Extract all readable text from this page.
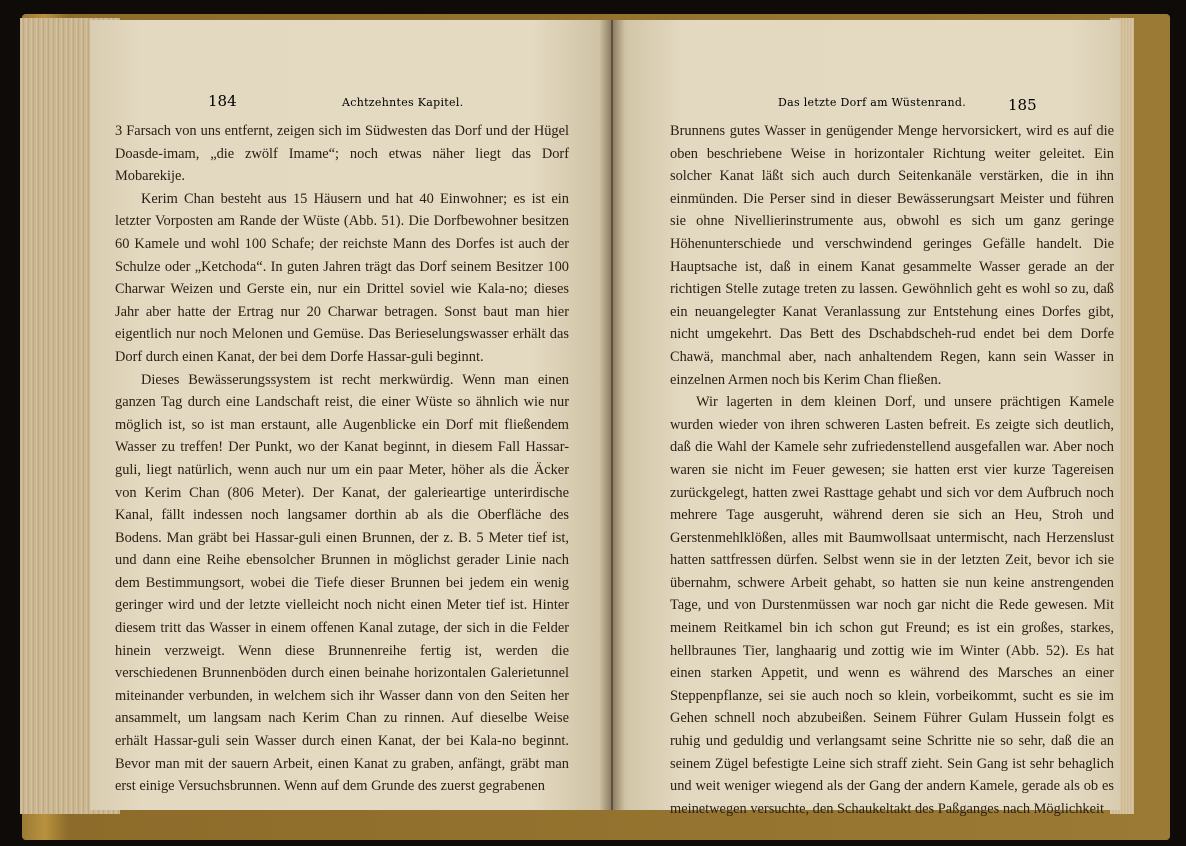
184	Achtzehntes Kapitel.

3 Farsach von uns entfernt, zeigen sich im Südwesten das Dorf und der Hügel Doasde-imam, „die zwölf Imame“; noch etwas näher liegt das Dorf Mobarekije.

Kerim Chan besteht aus 15 Häusern und hat 40 Einwohner; es ist ein letzter Vorposten am Rande der Wüste (Abb. 51). Die Dorfbewohner besitzen 60 Kamele und wohl 100 Schafe; der reichste Mann des Dorfes ist auch der Schulze oder „Ketchoda“. In guten Jahren trägt das Dorf seinem Besitzer 100 Charwar Weizen und Gerste ein, nur ein Drittel soviel wie Kala-no; dieses Jahr aber hatte der Ertrag nur 20 Charwar betragen. Sonst baut man hier eigentlich nur noch Melonen und Gemüse. Das Berieselungswasser erhält das Dorf durch einen Kanat, der bei dem Dorfe Hassar-guli beginnt.

Dieses Bewässerungssystem ist recht merkwürdig. Wenn man einen ganzen Tag durch eine Landschaft reist, die einer Wüste so ähnlich wie nur möglich ist, so ist man erstaunt, alle Augenblicke ein Dorf mit fließendem Wasser zu treffen! Der Punkt, wo der Kanat beginnt, in diesem Fall Hassar-guli, liegt natürlich, wenn auch nur um ein paar Meter, höher als die Äcker von Kerim Chan (806 Meter). Der Kanat, der galerieartige unterirdische Kanal, fällt indessen noch langsamer dorthin ab als die Oberfläche des Bodens. Man gräbt bei Hassar-guli einen Brunnen, der z. B. 5 Meter tief ist, und dann eine Reihe ebensolcher Brunnen in möglichst gerader Linie nach dem Bestimmungsort, wobei die Tiefe dieser Brunnen bei jedem ein wenig geringer wird und der letzte vielleicht noch nicht einen Meter tief ist. Hinter diesem tritt das Wasser in einem offenen Kanal zutage, der sich in die Felder hinein verzweigt. Wenn diese Brunnenreihe fertig ist, werden die verschiedenen Brunnenböden durch einen beinahe horizontalen Galerietunnel miteinander verbunden, in welchem sich ihr Wasser dann von den Seiten her ansammelt, um langsam nach Kerim Chan zu rinnen. Auf dieselbe Weise erhält Hassar-guli sein Wasser durch einen Kanat, der bei Kala-no beginnt. Bevor man mit der sauern Arbeit, einen Kanat zu graben, anfängt, gräbt man erst einige Versuchsbrunnen. Wenn auf dem Grunde des zuerst gegrabenen

Das letzte Dorf am Wüstenrand.	185

Brunnens gutes Wasser in genügender Menge hervorsickert, wird es auf die oben beschriebene Weise in horizontaler Richtung weiter geleitet. Ein solcher Kanat läßt sich auch durch Seitenkanäle verstärken, die in ihn einmünden. Die Perser sind in dieser Bewässerungsart Meister und führen sie ohne Nivellierinstrumente aus, obwohl es sich um ganz geringe Höhenunterschiede und verschwindend geringes Gefälle handelt. Die Hauptsache ist, daß in einem Kanat gesammelte Wasser gerade an der richtigen Stelle zutage treten zu lassen. Gewöhnlich geht es wohl so zu, daß ein neuangelegter Kanat Veranlassung zur Entstehung eines Dorfes gibt, nicht umgekehrt. Das Bett des Dschabdscheh-rud endet bei dem Dorfe Chawä, manchmal aber, nach anhaltendem Regen, kann sein Wasser in einzelnen Armen noch bis Kerim Chan fließen.

Wir lagerten in dem kleinen Dorf, und unsere prächtigen Kamele wurden wieder von ihren schweren Lasten befreit. Es zeigte sich deutlich, daß die Wahl der Kamele sehr zufriedenstellend ausgefallen war. Aber noch waren sie nicht im Feuer gewesen; sie hatten erst vier kurze Tagereisen zurückgelegt, hatten zwei Rasttage gehabt und sich vor dem Aufbruch noch mehrere Tage ausgeruht, während deren sie sich an Heu, Stroh und Gerstenmehlklößen, alles mit Baumwollsaat untermischt, nach Herzenslust hatten sattfressen dürfen. Selbst wenn sie in der letzten Zeit, bevor ich sie übernahm, schwere Arbeit gehabt, so hatten sie nun keine anstrengenden Tage, und von Durstenmüssen war noch gar nicht die Rede gewesen. Mit meinem Reitkamel bin ich schon gut Freund; es ist ein großes, starkes, hellbraunes Tier, langhaarig und zottig wie im Winter (Abb. 52). Es hat einen starken Appetit, und wenn es während des Marsches an einer Steppenpflanze, sei sie auch noch so klein, vorbeikommt, sucht es sie im Gehen schnell noch abzubeißen. Seinem Führer Gulam Hussein folgt es ruhig und geduldig und verlangsamt seine Schritte nie so sehr, daß die an seinem Zügel befestigte Leine sich straff zieht. Sein Gang ist sehr behaglich und weit weniger wiegend als der Gang der andern Kamele, gerade als ob es meinetwegen versuchte, den Schaukeltakt des Paßganges nach Möglichkeit
